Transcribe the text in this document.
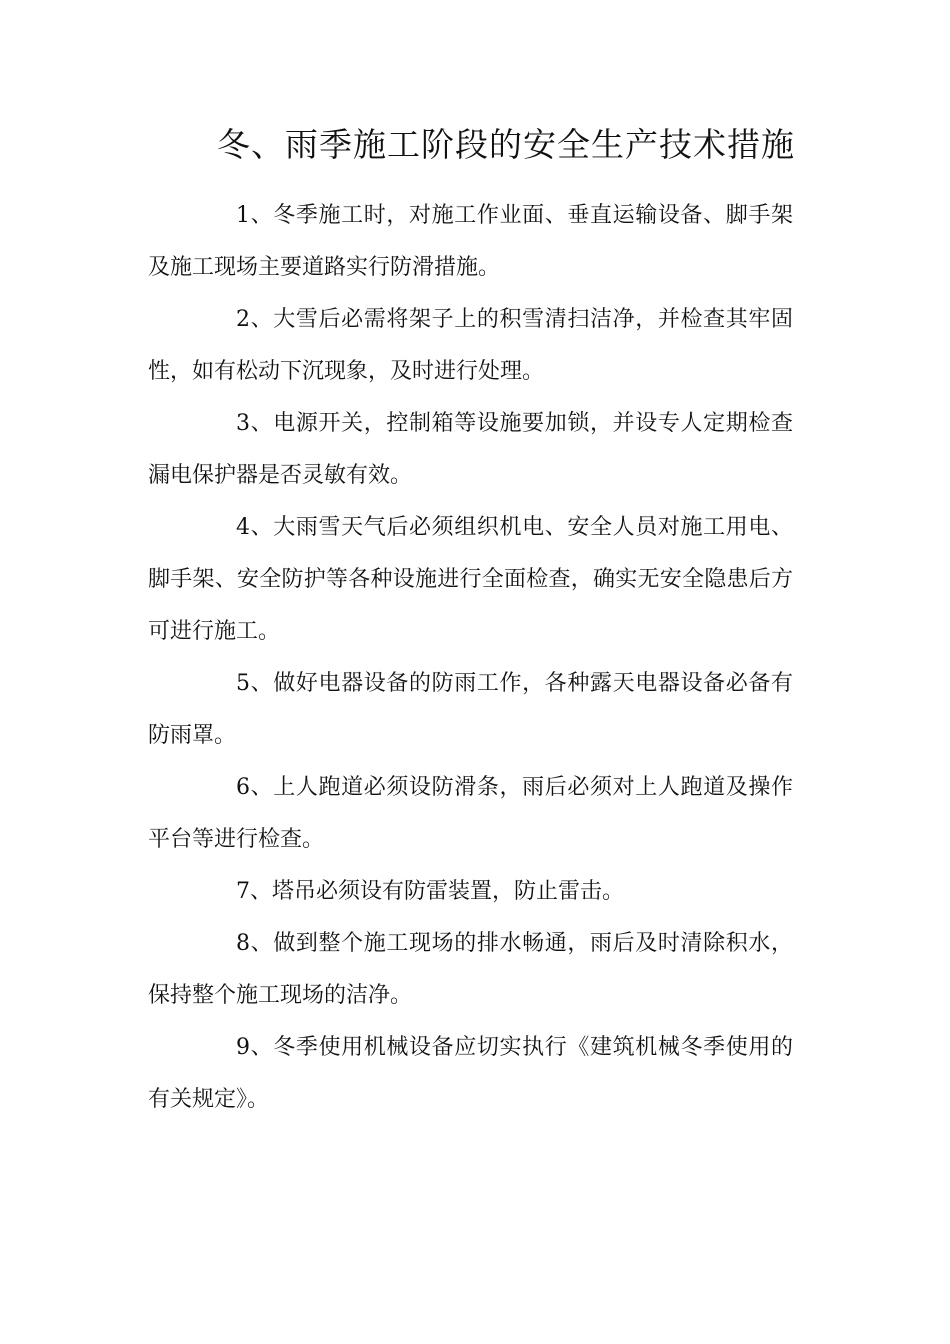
冬、雨季施工阶段的安全生产技术措施

1、冬季施工时，对施工作业面、垂直运输设备、脚手架及施工现场主要道路实行防滑措施。

2、大雪后必需将架子上的积雪清扫洁净，并检查其牢固性，如有松动下沉现象，及时进行处理。

3、电源开关，控制箱等设施要加锁，并设专人定期检查漏电保护器是否灵敏有效。

4、大雨雪天气后必须组织机电、安全人员对施工用电、脚手架、安全防护等各种设施进行全面检查，确实无安全隐患后方可进行施工。

5、做好电器设备的防雨工作，各种露天电器设备必备有防雨罩。

6、上人跑道必须设防滑条，雨后必须对上人跑道及操作平台等进行检查。

7、塔吊必须设有防雷装置，防止雷击。

8、做到整个施工现场的排水畅通，雨后及时清除积水，保持整个施工现场的洁净。

9、冬季使用机械设备应切实执行《建筑机械冬季使用的有关规定》。
